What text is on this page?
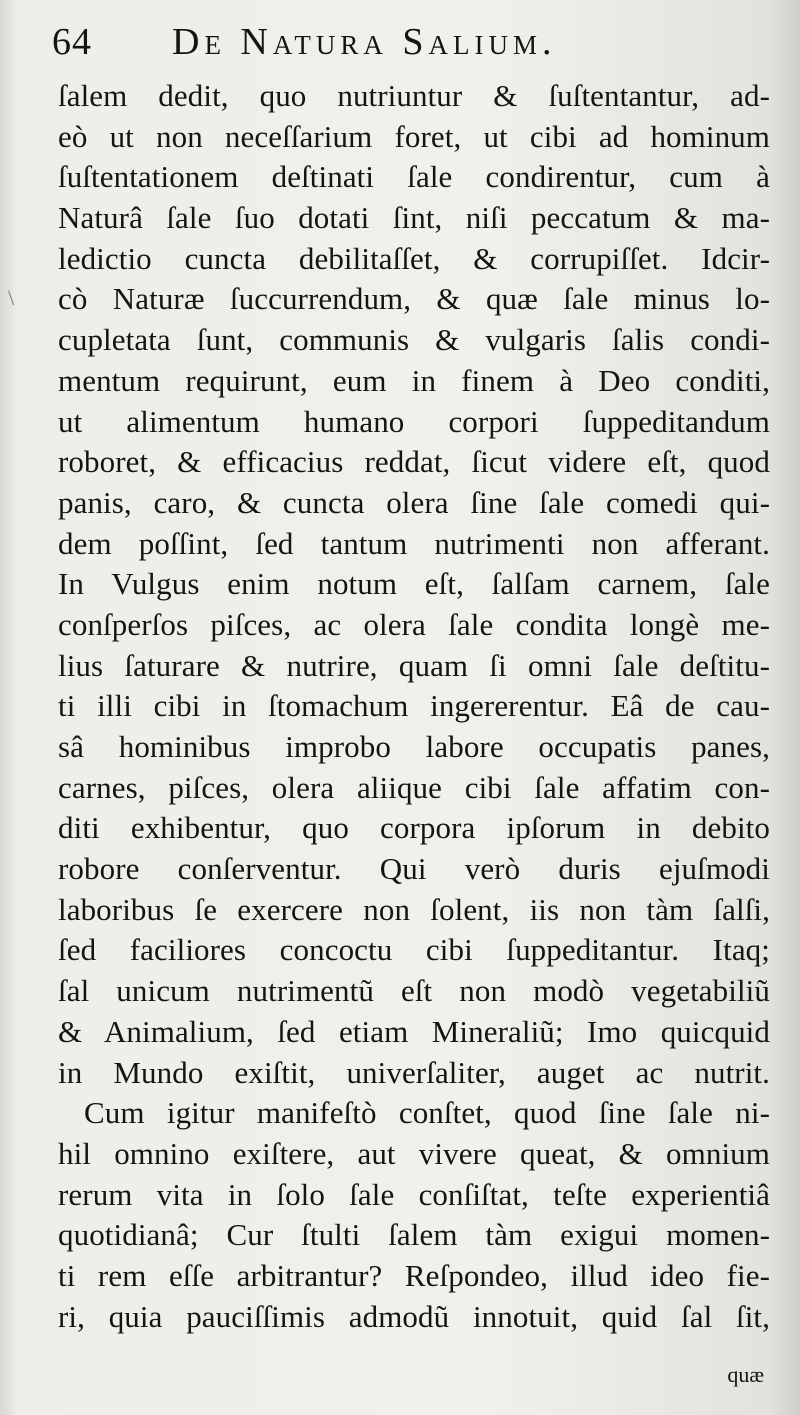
64 De Natura Salium.
\
ſalem dedit, quo nutriuntur & ſuſtentantur, ad-
eò ut non neceſſarium foret, ut cibi ad hominum
ſuſtentationem deſtinati ſale condirentur, cum à
Naturâ ſale ſuo dotati ſint, niſi peccatum & ma-
ledictio cuncta debilitaſſet, & corrupiſſet. Idcir-
cò Naturæ ſuccurrendum, & quæ ſale minus lo-
cupletata ſunt, communis & vulgaris ſalis condi-
mentum requirunt, eum in finem à Deo conditi,
ut alimentum humano corpori ſuppeditandum
roboret, & efficacius reddat, ſicut videre eſt, quod
panis, caro, & cuncta olera ſine ſale comedi qui-
dem poſſint, ſed tantum nutrimenti non afferant.
In Vulgus enim notum eſt, ſalſam carnem, ſale
conſperſos piſces, ac olera ſale condita longè me-
lius ſaturare & nutrire, quam ſi omni ſale deſtitu-
ti illi cibi in ſtomachum ingererentur. Eâ de cau-
sâ hominibus improbo labore occupatis panes,
carnes, piſces, olera aliique cibi ſale affatim con-
diti exhibentur, quo corpora ipſorum in debito
robore conſerventur. Qui verò duris ejuſmodi
laboribus ſe exercere non ſolent, iis non tàm ſalſi,
ſed faciliores concoctu cibi ſuppeditantur. Itaq;
ſal unicum nutrimentũ eſt non modò vegetabiliũ
& Animalium, ſed etiam Mineraliũ; Imo quicquid
in Mundo exiſtit, univerſaliter, auget ac nutrit.
Cum igitur manifeſtò conſtet, quod ſine ſale ni-
hil omnino exiſtere, aut vivere queat, & omnium
rerum vita in ſolo ſale conſiſtat, teſte experientiâ
quotidianâ; Cur ſtulti ſalem tàm exigui momen-
ti rem eſſe arbitrantur? Reſpondeo, illud ideo fie-
ri, quia pauciſſimis admodũ innotuit, quid ſal ſit,
quæ
